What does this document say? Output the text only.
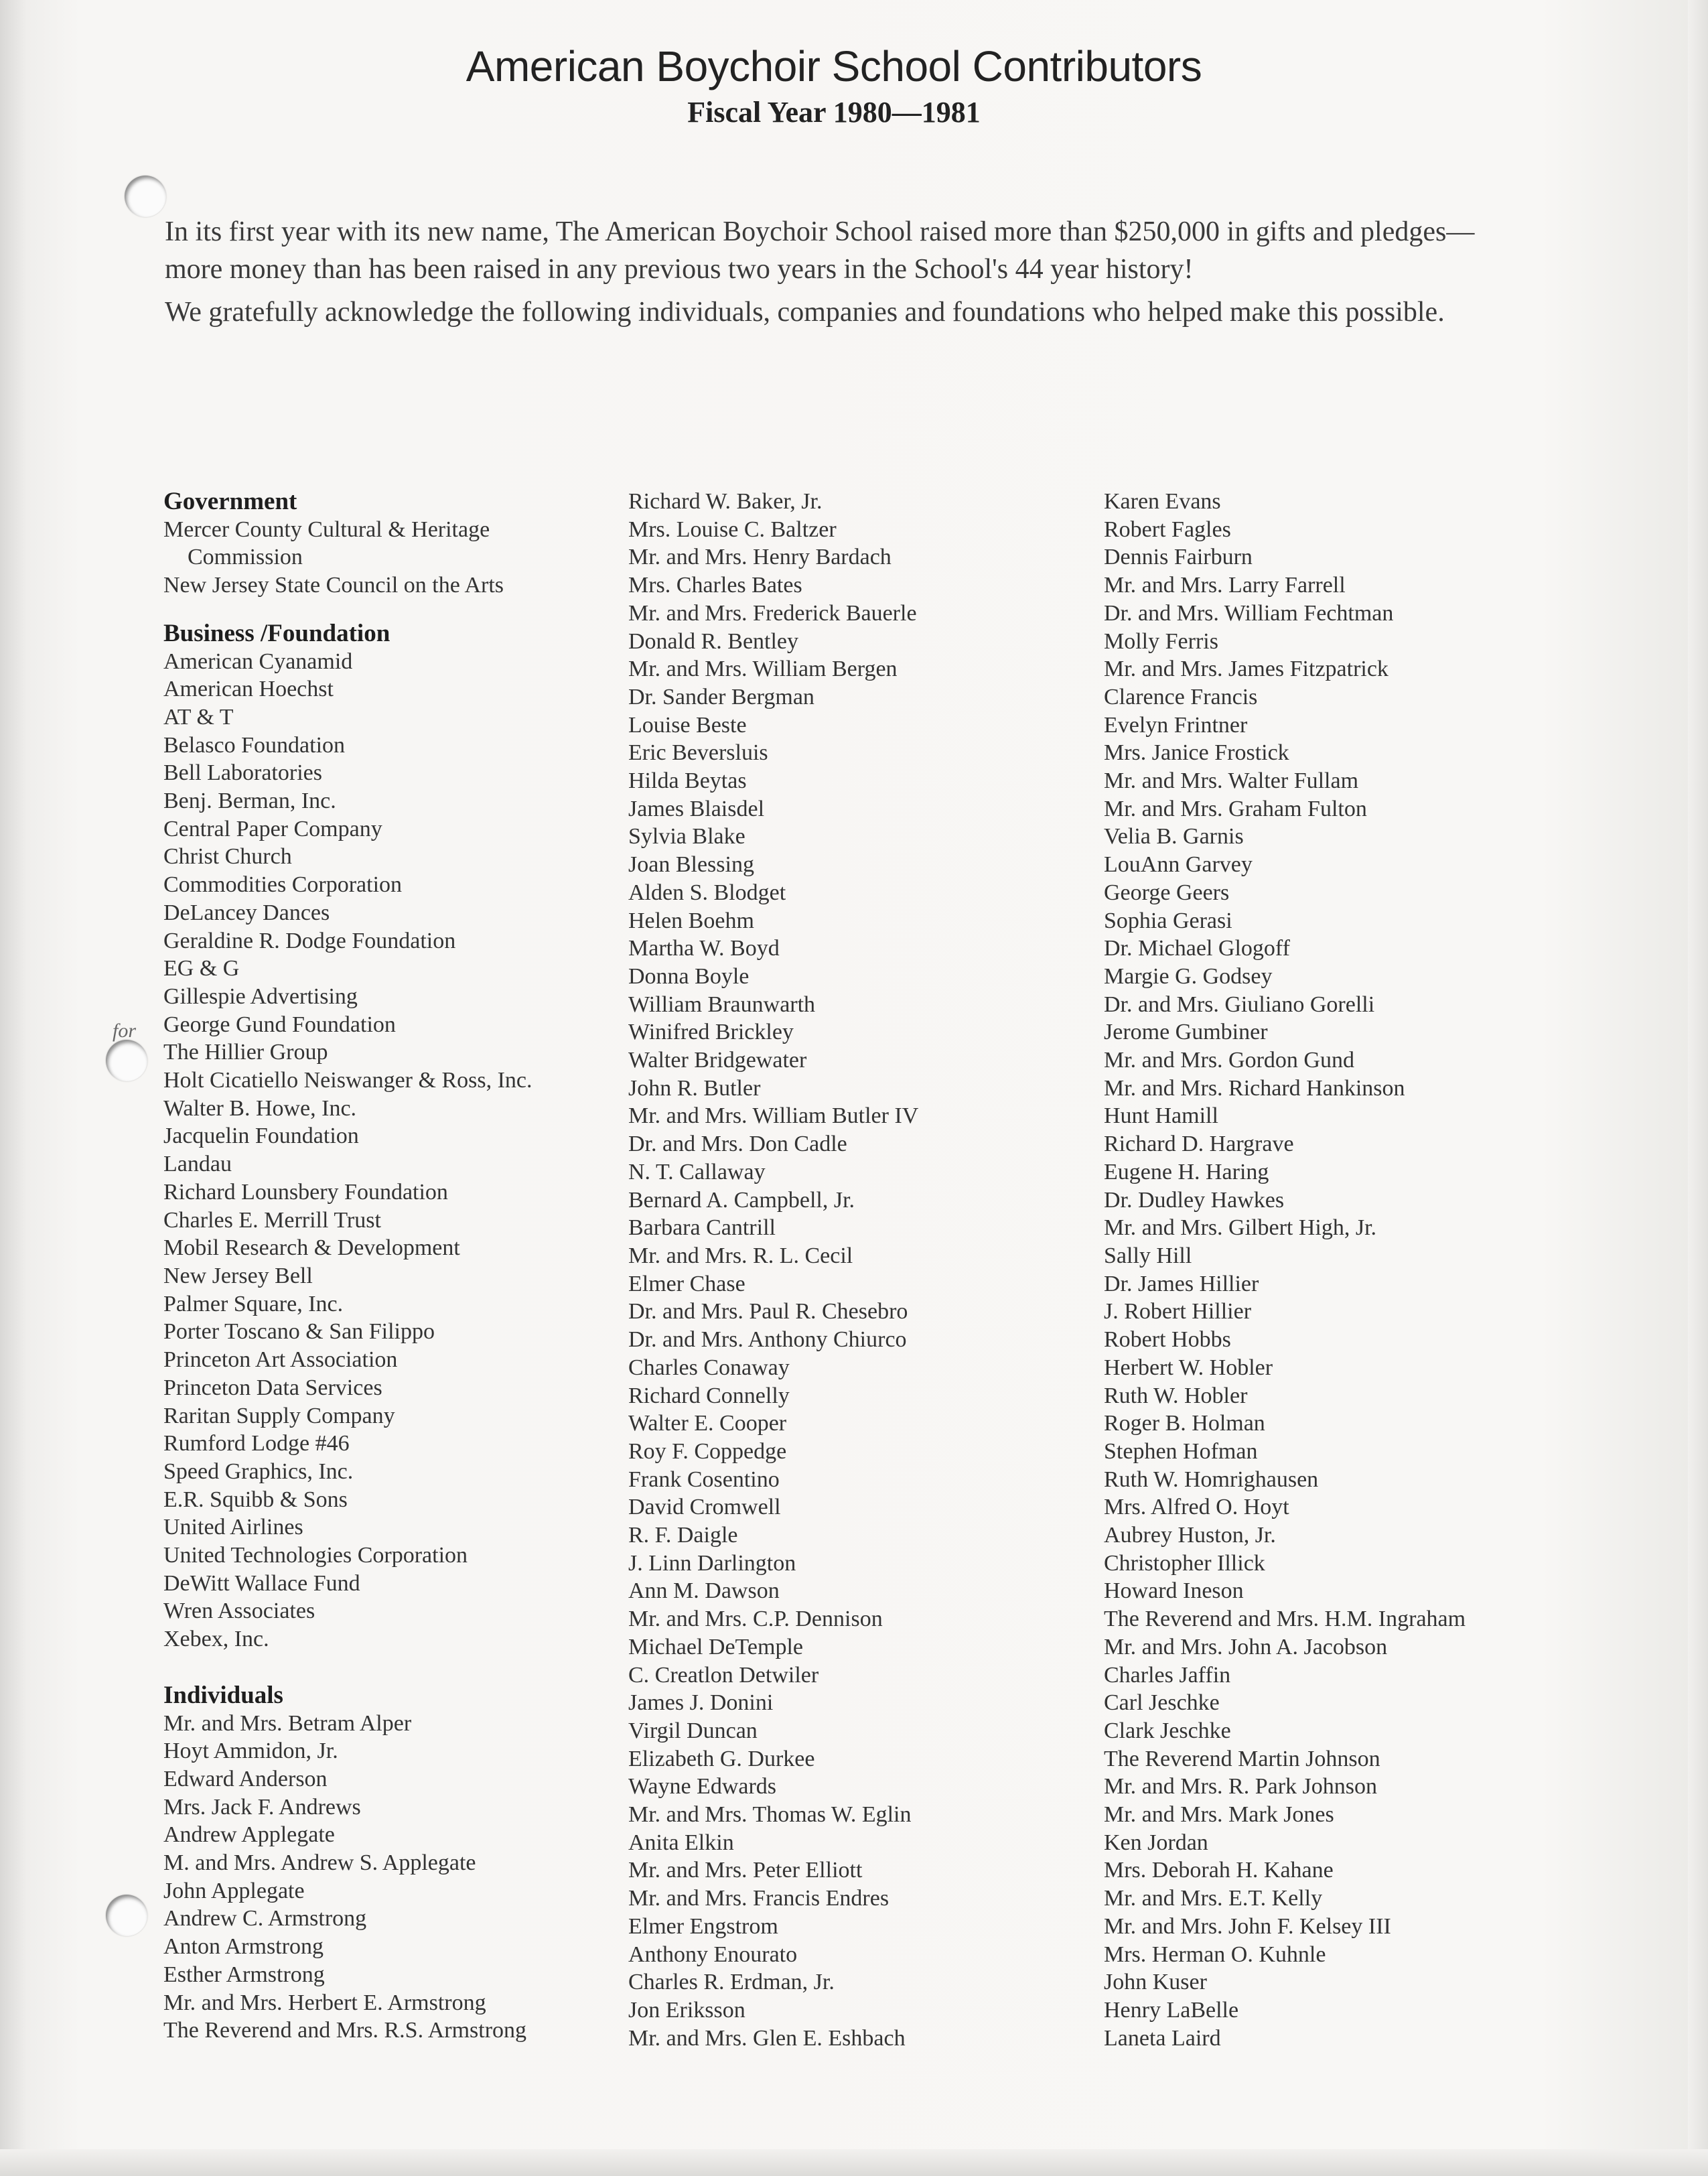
for
American Boychoir School Contributors
Fiscal Year 1980—1981

In its first year with its new name, The American Boychoir School raised more than $250,000 in gifts and pledges—more money than has been raised in any previous two years in the School's 44 year history!

We gratefully acknowledge the following individuals, companies and foundations who helped make this possible.

Government
Mercer County Cultural & Heritage
Commission
New Jersey State Council on the Arts
Business /Foundation
American Cyanamid
American Hoechst
AT & T
Belasco Foundation
Bell Laboratories
Benj. Berman, Inc.
Central Paper Company
Christ Church
Commodities Corporation
DeLancey Dances
Geraldine R. Dodge Foundation
EG & G
Gillespie Advertising
George Gund Foundation
The Hillier Group
Holt Cicatiello Neiswanger & Ross, Inc.
Walter B. Howe, Inc.
Jacquelin Foundation
Landau
Richard Lounsbery Foundation
Charles E. Merrill Trust
Mobil Research & Development
New Jersey Bell
Palmer Square, Inc.
Porter Toscano & San Filippo
Princeton Art Association
Princeton Data Services
Raritan Supply Company
Rumford Lodge #46
Speed Graphics, Inc.
E.R. Squibb & Sons
United Airlines
United Technologies Corporation
DeWitt Wallace Fund
Wren Associates
Xebex, Inc.
Individuals
Mr. and Mrs. Betram Alper
Hoyt Ammidon, Jr.
Edward Anderson
Mrs. Jack F. Andrews
Andrew Applegate
M. and Mrs. Andrew S. Applegate
John Applegate
Andrew C. Armstrong
Anton Armstrong
Esther Armstrong
Mr. and Mrs. Herbert E. Armstrong
The Reverend and Mrs. R.S. Armstrong
Richard W. Baker, Jr.
Mrs. Louise C. Baltzer
Mr. and Mrs. Henry Bardach
Mrs. Charles Bates
Mr. and Mrs. Frederick Bauerle
Donald R. Bentley
Mr. and Mrs. William Bergen
Dr. Sander Bergman
Louise Beste
Eric Beversluis
Hilda Beytas
James Blaisdel
Sylvia Blake
Joan Blessing
Alden S. Blodget
Helen Boehm
Martha W. Boyd
Donna Boyle
William Braunwarth
Winifred Brickley
Walter Bridgewater
John R. Butler
Mr. and Mrs. William Butler IV
Dr. and Mrs. Don Cadle
N. T. Callaway
Bernard A. Campbell, Jr.
Barbara Cantrill
Mr. and Mrs. R. L. Cecil
Elmer Chase
Dr. and Mrs. Paul R. Chesebro
Dr. and Mrs. Anthony Chiurco
Charles Conaway
Richard Connelly
Walter E. Cooper
Roy F. Coppedge
Frank Cosentino
David Cromwell
R. F. Daigle
J. Linn Darlington
Ann M. Dawson
Mr. and Mrs. C.P. Dennison
Michael DeTemple
C. Creatlon Detwiler
James J. Donini
Virgil Duncan
Elizabeth G. Durkee
Wayne Edwards
Mr. and Mrs. Thomas W. Eglin
Anita Elkin
Mr. and Mrs. Peter Elliott
Mr. and Mrs. Francis Endres
Elmer Engstrom
Anthony Enourato
Charles R. Erdman, Jr.
Jon Eriksson
Mr. and Mrs. Glen E. Eshbach
Karen Evans
Robert Fagles
Dennis Fairburn
Mr. and Mrs. Larry Farrell
Dr. and Mrs. William Fechtman
Molly Ferris
Mr. and Mrs. James Fitzpatrick
Clarence Francis
Evelyn Frintner
Mrs. Janice Frostick
Mr. and Mrs. Walter Fullam
Mr. and Mrs. Graham Fulton
Velia B. Garnis
LouAnn Garvey
George Geers
Sophia Gerasi
Dr. Michael Glogoff
Margie G. Godsey
Dr. and Mrs. Giuliano Gorelli
Jerome Gumbiner
Mr. and Mrs. Gordon Gund
Mr. and Mrs. Richard Hankinson
Hunt Hamill
Richard D. Hargrave
Eugene H. Haring
Dr. Dudley Hawkes
Mr. and Mrs. Gilbert High, Jr.
Sally Hill
Dr. James Hillier
J. Robert Hillier
Robert Hobbs
Herbert W. Hobler
Ruth W. Hobler
Roger B. Holman
Stephen Hofman
Ruth W. Homrighausen
Mrs. Alfred O. Hoyt
Aubrey Huston, Jr.
Christopher Illick
Howard Ineson
The Reverend and Mrs. H.M. Ingraham
Mr. and Mrs. John A. Jacobson
Charles Jaffin
Carl Jeschke
Clark Jeschke
The Reverend Martin Johnson
Mr. and Mrs. R. Park Johnson
Mr. and Mrs. Mark Jones
Ken Jordan
Mrs. Deborah H. Kahane
Mr. and Mrs. E.T. Kelly
Mr. and Mrs. John F. Kelsey III
Mrs. Herman O. Kuhnle
John Kuser
Henry LaBelle
Laneta Laird
